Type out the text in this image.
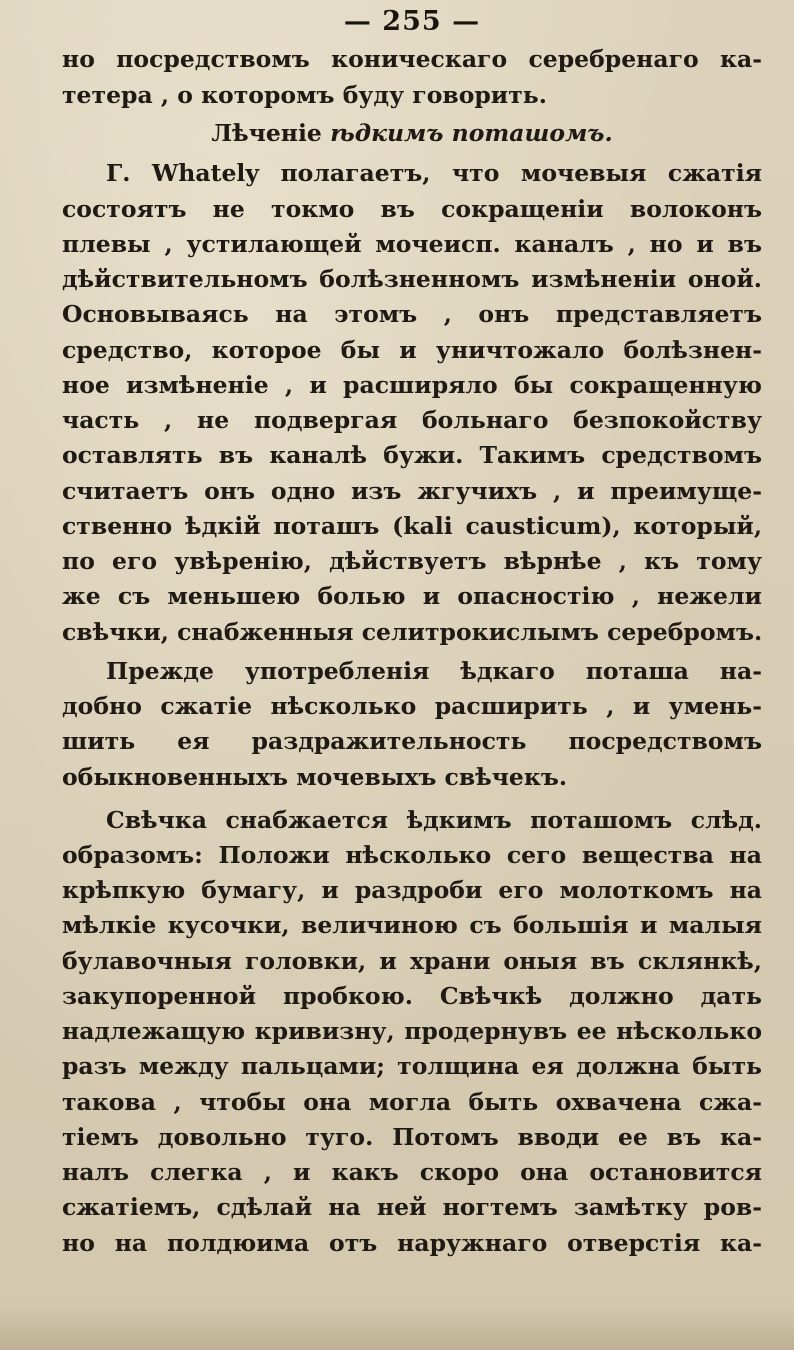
— 255 —
но посредствомъ коническаго серебренаго ка-
тетера , о которомъ буду говорить.
Лѣченіе ѣдкимъ поташомъ.
Г. Whately полагаетъ, что мочевыя сжатія
состоятъ не токмо въ сокращеніи волоконъ
плевы , устилающей мочеисп. каналъ , но и въ
дѣйствительномъ болѣзненномъ измѣненіи оной.
Основываясь на этомъ , онъ представляетъ
средство, которое бы и уничтожало болѣзнен-
ное измѣненіе , и расширяло бы сокращенную
часть , не подвергая больнаго безпокойству
оставлять въ каналѣ бужи. Такимъ средствомъ
считаетъ онъ одно изъ жгучихъ , и преимуще-
ственно ѣдкій поташъ (kali causticum), который,
по его увѣренію, дѣйствуетъ вѣрнѣе , къ тому
же съ меньшею болью и опасностію , нежели
свѣчки, снабженныя селитрокислымъ серебромъ.
Прежде употребленія ѣдкаго поташа на-
добно сжатіе нѣсколько расширить , и умень-
шить ея раздражительность посредствомъ
обыкновенныхъ мочевыхъ свѣчекъ.
Свѣчка снабжается ѣдкимъ поташомъ слѣд.
образомъ: Положи нѣсколько сего вещества на
крѣпкую бумагу, и раздроби его молоткомъ на
мѣлкіе кусочки, величиною съ большія и малыя
булавочныя головки, и храни оныя въ склянкѣ,
закупоренной пробкою. Свѣчкѣ должно дать
надлежащую кривизну, продернувъ ее нѣсколько
разъ между пальцами; толщина ея должна быть
такова , чтобы она могла быть охвачена сжа-
тіемъ довольно туго. Потомъ вводи ее въ ка-
налъ слегка , и какъ скоро она остановится
сжатіемъ, сдѣлай на ней ногтемъ замѣтку ров-
но на полдюима отъ наружнаго отверстія ка-
